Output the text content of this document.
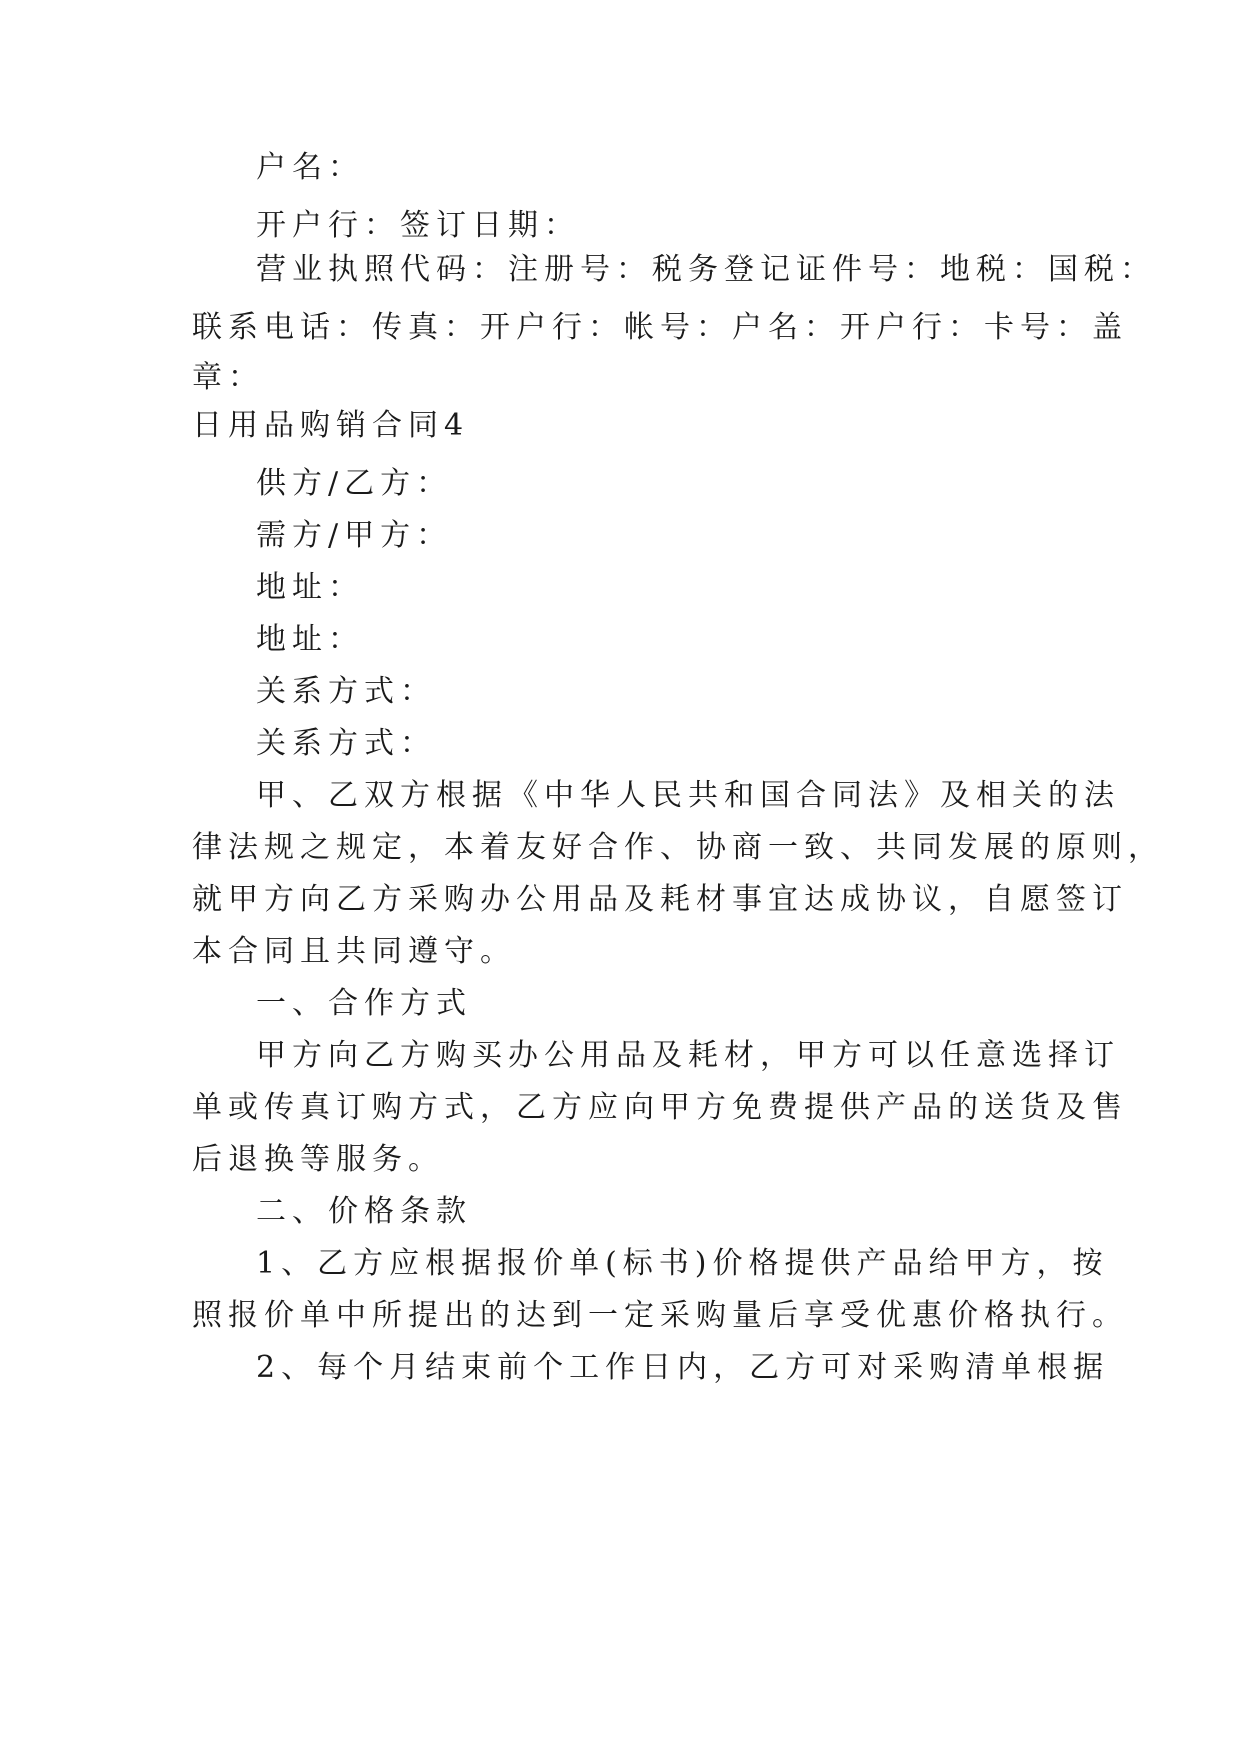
户名：
开户行：签订日期：
营业执照代码：注册号：税务登记证件号：地税：国税：
联系电话：传真：开户行：帐号：户名：开户行：卡号：盖
章：
日用品购销合同4
供方/乙方：
需方/甲方：
地址：
地址：
关系方式：
关系方式：
甲、乙双方根据《中华人民共和国合同法》及相关的法
律法规之规定，本着友好合作、协商一致、共同发展的原则，
就甲方向乙方采购办公用品及耗材事宜达成协议，自愿签订
本合同且共同遵守。
一、合作方式
甲方向乙方购买办公用品及耗材，甲方可以任意选择订
单或传真订购方式，乙方应向甲方免费提供产品的送货及售
后退换等服务。
二、价格条款
1、乙方应根据报价单(标书)价格提供产品给甲方，按
照报价单中所提出的达到一定采购量后享受优惠价格执行。
2、每个月结束前个工作日内，乙方可对采购清单根据
